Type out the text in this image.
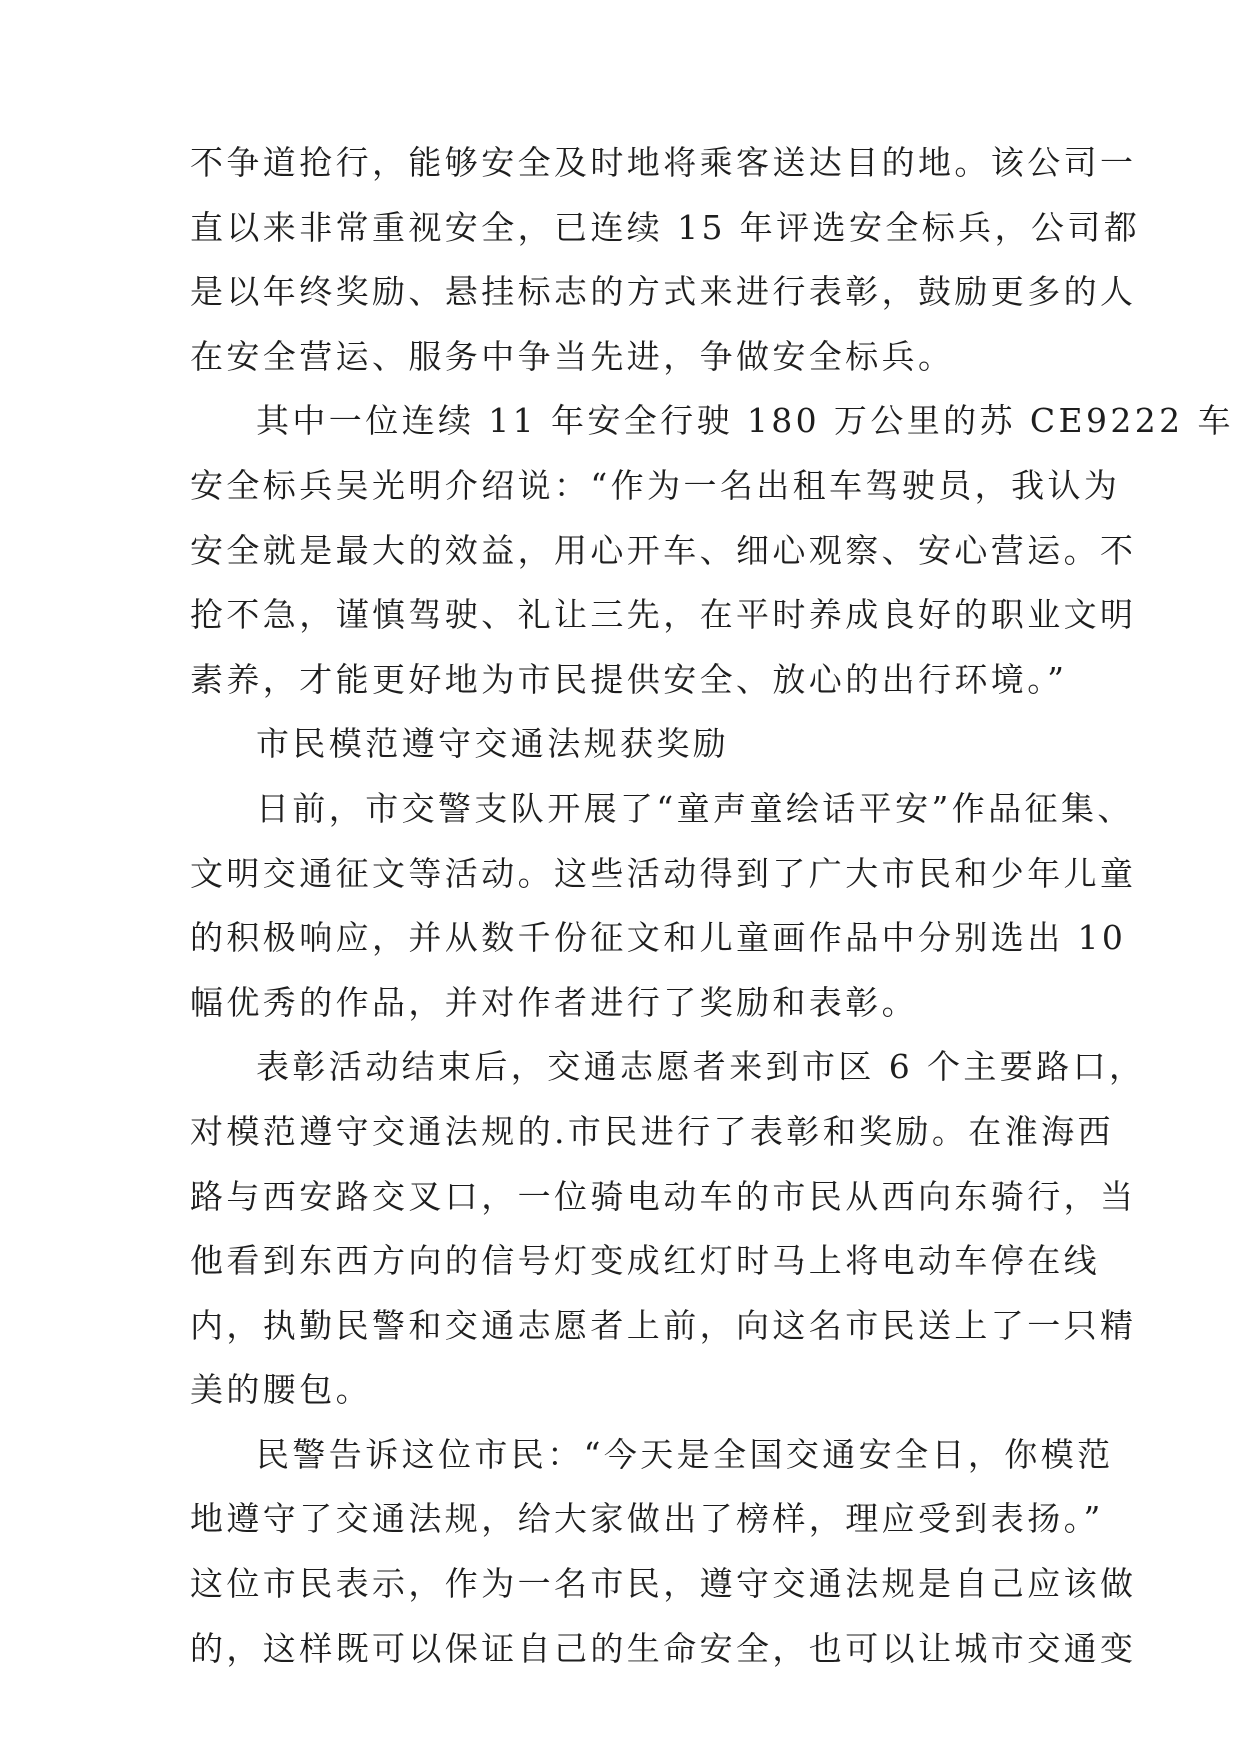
不争道抢行，能够安全及时地将乘客送达目的地。该公司一
直以来非常重视安全，已连续 15 年评选安全标兵，公司都
是以年终奖励、悬挂标志的方式来进行表彰，鼓励更多的人
在安全营运、服务中争当先进，争做安全标兵。
其中一位连续 11 年安全行驶 180 万公里的苏 CE9222 车
安全标兵吴光明介绍说：“作为一名出租车驾驶员，我认为
安全就是最大的效益，用心开车、细心观察、安心营运。不
抢不急，谨慎驾驶、礼让三先，在平时养成良好的职业文明
素养，才能更好地为市民提供安全、放心的出行环境。”
市民模范遵守交通法规获奖励
日前，市交警支队开展了“童声童绘话平安”作品征集、
文明交通征文等活动。这些活动得到了广大市民和少年儿童
的积极响应，并从数千份征文和儿童画作品中分别选出 10
幅优秀的作品，并对作者进行了奖励和表彰。
表彰活动结束后，交通志愿者来到市区 6 个主要路口，
对模范遵守交通法规的.市民进行了表彰和奖励。在淮海西
路与西安路交叉口，一位骑电动车的市民从西向东骑行，当
他看到东西方向的信号灯变成红灯时马上将电动车停在线
内，执勤民警和交通志愿者上前，向这名市民送上了一只精
美的腰包。
民警告诉这位市民：“今天是全国交通安全日，你模范
地遵守了交通法规，给大家做出了榜样，理应受到表扬。”
这位市民表示，作为一名市民，遵守交通法规是自己应该做
的，这样既可以保证自己的生命安全，也可以让城市交通变
